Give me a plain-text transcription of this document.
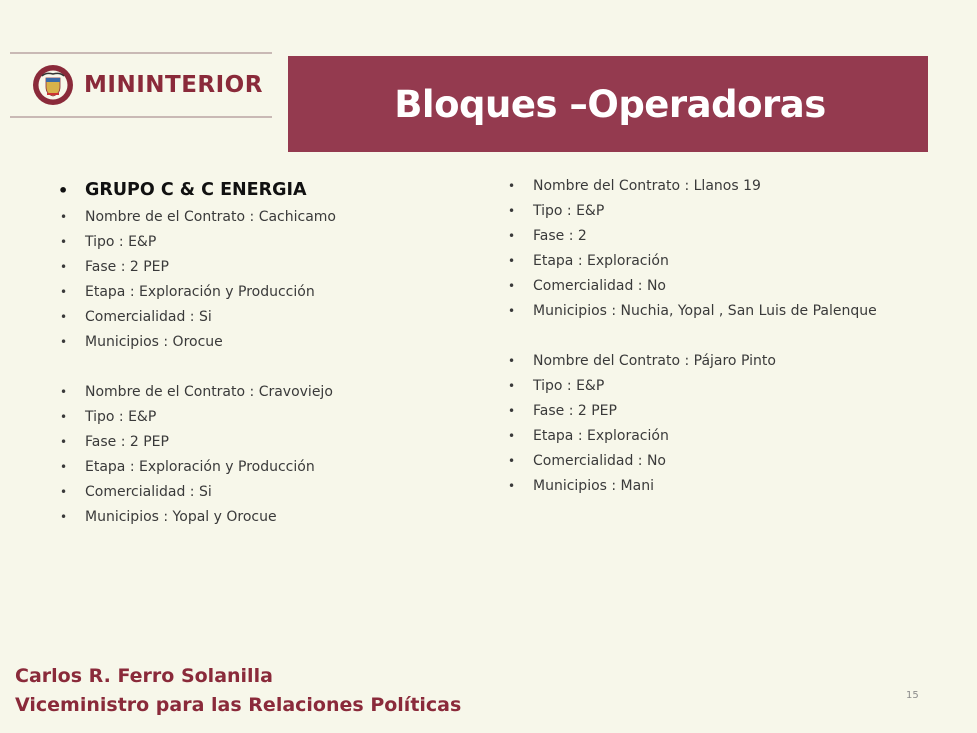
MININTERIOR	Bloques –Operadoras
• GRUPO C & C ENERGIA
• Nombre de el Contrato : Cachicamo
• Tipo : E&P
• Fase : 2 PEP
• Etapa : Exploración y Producción
• Comercialidad : Si
• Municipios : Orocue
• Nombre de el Contrato : Cravoviejo
• Tipo : E&P
• Fase : 2 PEP
• Etapa : Exploración y Producción
• Comercialidad : Si
• Municipios : Yopal y Orocue
• Nombre del Contrato : Llanos 19
• Tipo : E&P
• Fase : 2
• Etapa : Exploración
• Comercialidad : No
• Municipios : Nuchia, Yopal , San Luis de Palenque
• Nombre del Contrato : Pájaro Pinto
• Tipo : E&P
• Fase : 2 PEP
• Etapa : Exploración
• Comercialidad : No
• Municipios : Mani
Carlos R. Ferro Solanilla
Viceministro para las Relaciones Políticas	15
